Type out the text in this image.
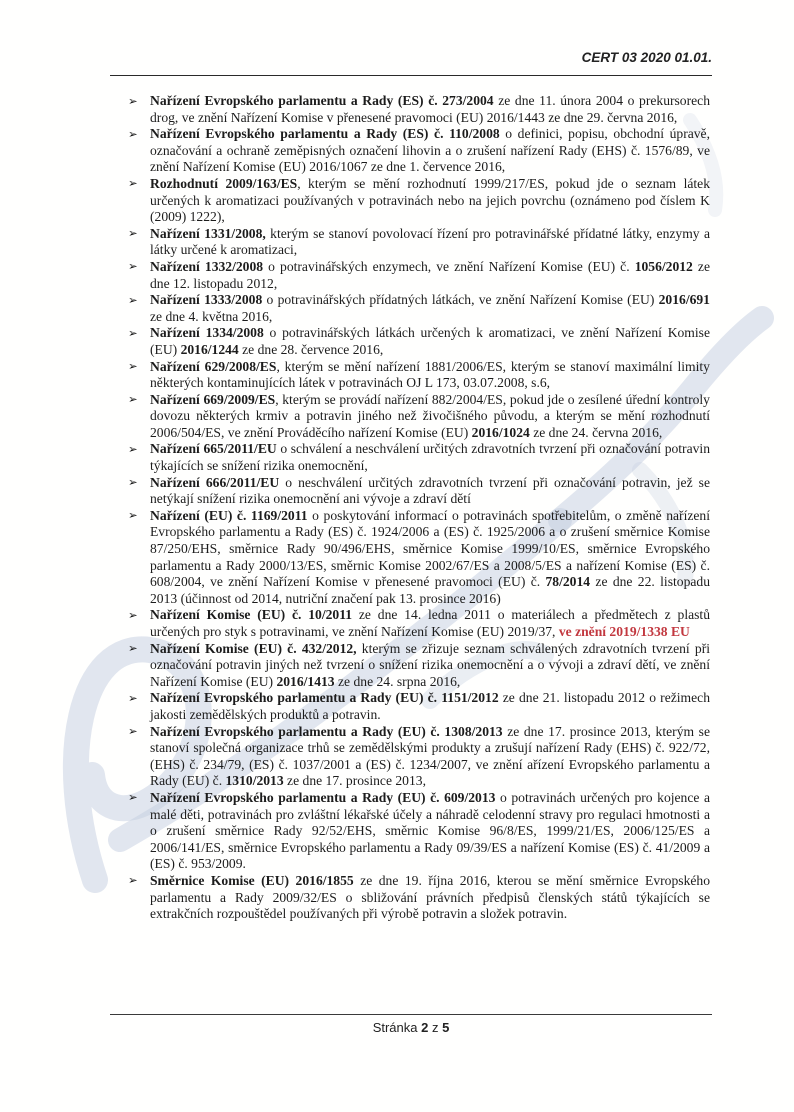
CERT 03 2020 01.01.
➢ Nařízení Evropského parlamentu a Rady (ES) č. 273/2004 ze dne 11. února 2004 o prekursorech drog, ve znění Nařízení Komise v přenesené pravomoci (EU) 2016/1443 ze dne 29. června 2016,
➢ Nařízení Evropského parlamentu a Rady (ES) č. 110/2008 o definici, popisu, obchodní úpravě, označování a ochraně zeměpisných označení lihovin a o zrušení nařízení Rady (EHS) č. 1576/89, ve znění Nařízení Komise (EU) 2016/1067 ze dne 1. července 2016,
➢ Rozhodnutí 2009/163/ES, kterým se mění rozhodnutí 1999/217/ES, pokud jde o seznam látek určených k aromatizaci používaných v potravinách nebo na jejich povrchu (oznámeno pod číslem K (2009) 1222),
➢ Nařízení 1331/2008, kterým se stanoví povolovací řízení pro potravinářské přídatné látky, enzymy a látky určené k aromatizaci,
➢ Nařízení 1332/2008 o potravinářských enzymech, ve znění Nařízení Komise (EU) č. 1056/2012 ze dne 12. listopadu 2012,
➢ Nařízení 1333/2008 o potravinářských přídatných látkách, ve znění Nařízení Komise (EU) 2016/691 ze dne 4. května 2016,
➢ Nařízení 1334/2008 o potravinářských látkách určených k aromatizaci, ve znění Nařízení Komise (EU) 2016/1244 ze dne 28. července 2016,
➢ Nařízení 629/2008/ES, kterým se mění nařízení 1881/2006/ES, kterým se stanoví maximální limity některých kontaminujících látek v potravinách OJ L 173, 03.07.2008, s.6,
➢ Nařízení 669/2009/ES, kterým se provádí nařízení 882/2004/ES, pokud jde o zesílené úřední kontroly dovozu některých krmiv a potravin jiného než živočišného původu, a kterým se mění rozhodnutí 2006/504/ES, ve znění Prováděcího nařízení Komise (EU) 2016/1024 ze dne 24. června 2016,
➢ Nařízení 665/2011/EU o schválení a neschválení určitých zdravotních tvrzení při označování potravin týkajících se snížení rizika onemocnění,
➢ Nařízení 666/2011/EU o neschválení určitých zdravotních tvrzení při označování potravin, jež se netýkají snížení rizika onemocnění ani vývoje a zdraví dětí
➢ Nařízení (EU) č. 1169/2011 o poskytování informací o potravinách spotřebitelům, o změně nařízení Evropského parlamentu a Rady (ES) č. 1924/2006 a (ES) č. 1925/2006 a o zrušení směrnice Komise 87/250/EHS, směrnice Rady 90/496/EHS, směrnice Komise 1999/10/ES, směrnice Evropského parlamentu a Rady 2000/13/ES, směrnic Komise 2002/67/ES a 2008/5/ES a nařízení Komise (ES) č. 608/2004, ve znění Nařízení Komise v přenesené pravomoci (EU) č. 78/2014 ze dne 22. listopadu 2013 (účinnost od 2014, nutriční značení pak 13. prosince 2016)
➢ Nařízení Komise (EU) č. 10/2011 ze dne 14. ledna 2011 o materiálech a předmětech z plastů určených pro styk s potravinami, ve znění Nařízení Komise (EU) 2019/37, ve znění 2019/1338 EU
➢ Nařízení Komise (EU) č. 432/2012, kterým se zřizuje seznam schválených zdravotních tvrzení při označování potravin jiných než tvrzení o snížení rizika onemocnění a o vývoji a zdraví dětí, ve znění Nařízení Komise (EU) 2016/1413 ze dne 24. srpna 2016,
➢ Nařízení Evropského parlamentu a Rady (EU) č. 1151/2012 ze dne 21. listopadu 2012 o režimech jakosti zemědělských produktů a potravin.
➢ Nařízení Evropského parlamentu a Rady (EU) č. 1308/2013 ze dne 17. prosince 2013, kterým se stanoví společná organizace trhů se zemědělskými produkty a zrušují nařízení Rady (EHS) č. 922/72, (EHS) č. 234/79, (ES) č. 1037/2001 a (ES) č. 1234/2007, ve znění ařízení Evropského parlamentu a Rady (EU) č. 1310/2013 ze dne 17. prosince 2013,
➢ Nařízení Evropského parlamentu a Rady (EU) č. 609/2013 o potravinách určených pro kojence a malé děti, potravinách pro zvláštní lékařské účely a náhradě celodenní stravy pro regulaci hmotnosti a o zrušení směrnice Rady 92/52/EHS, směrnic Komise 96/8/ES, 1999/21/ES, 2006/125/ES a 2006/141/ES, směrnice Evropského parlamentu a Rady 09/39/ES a nařízení Komise (ES) č. 41/2009 a (ES) č. 953/2009.
➢ Směrnice Komise (EU) 2016/1855 ze dne 19. října 2016, kterou se mění směrnice Evropského parlamentu a Rady 2009/32/ES o sbližování právních předpisů členských států týkajících se extrakčních rozpouštědel používaných při výrobě potravin a složek potravin.
Stránka 2 z 5
